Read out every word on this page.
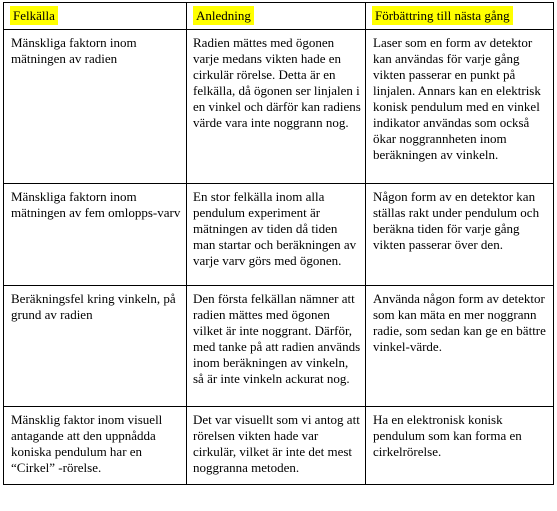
Felkälla	Anledning	Förbättring till nästa gång

Mänskliga faktorn inom mätningen av radien	Radien mättes med ögonen varje medans vikten hade en cirkulär rörelse. Detta är en felkälla, då ögonen ser linjalen i en vinkel och därför kan radiens värde vara inte noggrann nog.	Laser som en form av detektor kan användas för varje gång vikten passerar en punkt på linjalen. Annars kan en elektrisk konisk pendulum med en vinkel indikator användas som också ökar noggrannheten inom beräkningen av vinkeln.

Mänskliga faktorn inom mätningen av fem omlopps-varv	En stor felkälla inom alla pendulum experiment är mätningen av tiden då tiden man startar och beräkningen av varje varv görs med ögonen.	Någon form av en detektor kan ställas rakt under pendulum och beräkna tiden för varje gång vikten passerar över den.

Beräkningsfel kring vinkeln, på grund av radien	Den första felkällan nämner att radien mättes med ögonen vilket är inte noggrant. Därför, med tanke på att radien används inom beräkningen av vinkeln, så är inte vinkeln ackurat nog.	Använda någon form av detektor som kan mäta en mer noggrann radie, som sedan kan ge en bättre vinkel-värde.

Mänsklig faktor inom visuell antagande att den uppnådda koniska pendulum har en “Cirkel” -rörelse.	Det var visuellt som vi antog att rörelsen vikten hade var cirkulär, vilket är inte det mest noggranna metoden.	Ha en elektronisk konisk pendulum som kan forma en cirkelrörelse.
